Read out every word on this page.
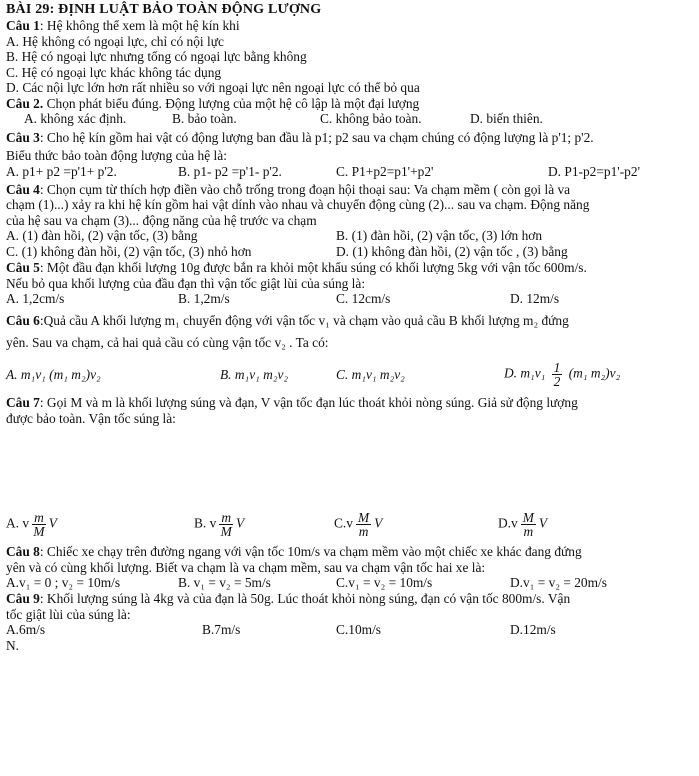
BÀI 29: ĐỊNH LUẬT BẢO TOÀN ĐỘNG LƯỢNG
Câu 1: Hệ không thể xem là một hệ kín khi
A. Hệ không có ngoại lực, chỉ có nội lực
B. Hệ có ngoại lực nhưng tổng có ngoại lực bằng không
C. Hệ có ngoại lực khác không tác dụng
D. Các nội lực lớn hơn rất nhiều so với ngoại lực nên ngoại lực có thể bỏ qua
Câu 2. Chọn phát biểu đúng. Động lượng của một hệ cô lập là một đại lượng
A. không xác định.	B. bảo toàn.	C. không bảo toàn.	D. biến thiên.
Câu 3: Cho hệ kín gồm hai vật có động lượng ban đầu là p1; p2 sau va chạm chúng có động lượng là p'1; p'2.
Biểu thức bảo toàn động lượng của hệ là:
A. p1+ p2 =p'1+ p'2.	B. p1- p2 =p'1- p'2.	C. P1+p2=p1'+p2'	D. P1-p2=p1'-p2'
Câu 4: Chọn cụm từ thích hợp điền vào chỗ trống trong đoạn hội thoại sau: Va chạm mềm ( còn gọi là va
chạm (1)...) xảy ra khi hệ kín gồm hai vật dính vào nhau và chuyển động cùng (2)... sau va chạm. Động năng
của hệ sau va chạm (3)... động năng của hệ trước va chạm
A. (1) đàn hồi, (2) vận tốc, (3) bằng	B. (1) đàn hồi, (2) vận tốc, (3) lớn hơn
C. (1) không đàn hồi, (2) vận tốc, (3) nhỏ hơn	D. (1) không đàn hồi, (2) vận tốc , (3) bằng
Câu 5: Một đầu đạn khối lượng 10g được bắn ra khỏi một khẩu súng có khối lượng 5kg với vận tốc 600m/s.
Nếu bỏ qua khối lượng của đầu đạn thì vận tốc giật lùi của súng là:
A. 1,2cm/s	B. 1,2m/s	C. 12cm/s	D. 12m/s
Câu 6:Quả cầu A khối lượng m₁ chuyển động với vận tốc v₁ và chạm vào quả cầu B khối lượng m₂ đứng
yên. Sau va chạm, cả hai quả cầu có cùng vận tốc v₂ . Ta có:
A. m₁v₁ (m₁ m₂)v₂	B. m₁v₁ m₂v₂	C. m₁v₁ m₂v₂	D. $m_1v_1 \frac{1}{2} (m_1$ m₂)v₂
Câu 7: Gọi M và m là khối lượng súng và đạn, V vận tốc đạn lúc thoát khỏi nòng súng. Giả sử động lượng
được bảo toàn. Vận tốc súng là:
A. v $\frac{m}{M}$ V	B. v $\frac{m}{M}$ V	$C.v \frac{M}{m}$ V	$D.v \frac{M}{m}$ V
Câu 8: Chiếc xe chạy trên đường ngang với vận tốc 10m/s va chạm mềm vào một chiếc xe khác đang đứng
yên và có cùng khối lượng. Biết va chạm là va chạm mềm, sau va chạm vận tốc hai xe là:
A.v₁ = 0 ; v₂ = 10m/s	B. v₁ = v₂ = 5m/s	C.v₁ = v₂ = 10m/s	D.v₁ = v₂ = 20m/s
Câu 9: Khối lượng súng là 4kg và của đạn là 50g. Lúc thoát khỏi nòng súng, đạn có vận tốc 800m/s. Vận
tốc giật lùi của súng là:
A.6m/s	B.7m/s	C.10m/s	D.12m/s
N.
